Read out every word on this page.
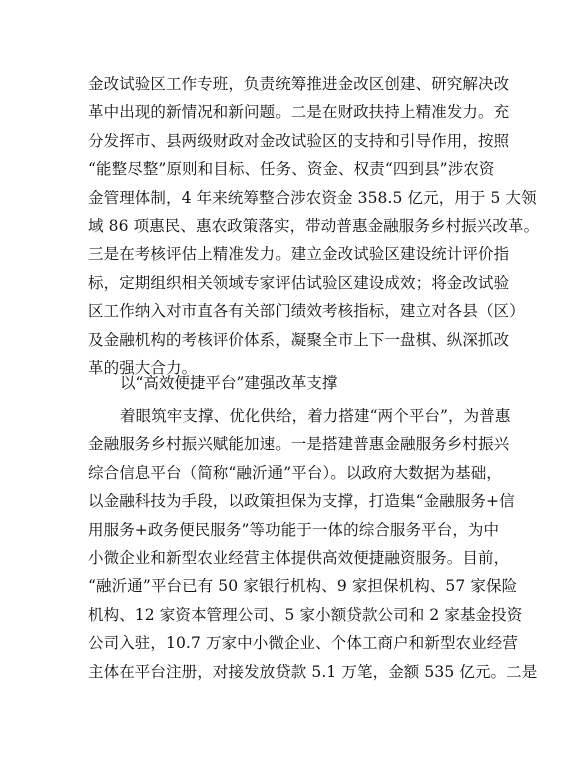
金改试验区工作专班，负责统筹推进金改区创建、研究解决改
革中出现的新情况和新问题。二是在财政扶持上精准发力。充
分发挥市、县两级财政对金改试验区的支持和引导作用，按照
“能整尽整”原则和目标、任务、资金、权责“四到县”涉农资
金管理体制，4 年来统筹整合涉农资金 358.5 亿元，用于 5 大领
域 86 项惠民、惠农政策落实，带动普惠金融服务乡村振兴改革。
三是在考核评估上精准发力。建立金改试验区建设统计评价指
标，定期组织相关领域专家评估试验区建设成效；将金改试验
区工作纳入对市直各有关部门绩效考核指标，建立对各县（区）
及金融机构的考核评价体系，凝聚全市上下一盘棋、纵深抓改
革的强大合力。
以“高效便捷平台”建强改革支撑
着眼筑牢支撑、优化供给，着力搭建“两个平台”，为普惠
金融服务乡村振兴赋能加速。一是搭建普惠金融服务乡村振兴
综合信息平台（简称“融沂通”平台）。以政府大数据为基础，
以金融科技为手段，以政策担保为支撑，打造集“金融服务+信
用服务+政务便民服务”等功能于一体的综合服务平台，为中
小微企业和新型农业经营主体提供高效便捷融资服务。目前，
“融沂通”平台已有 50 家银行机构、9 家担保机构、57 家保险
机构、12 家资本管理公司、5 家小额贷款公司和 2 家基金投资
公司入驻，10.7 万家中小微企业、个体工商户和新型农业经营
主体在平台注册，对接发放贷款 5.1 万笔，金额 535 亿元。二是
